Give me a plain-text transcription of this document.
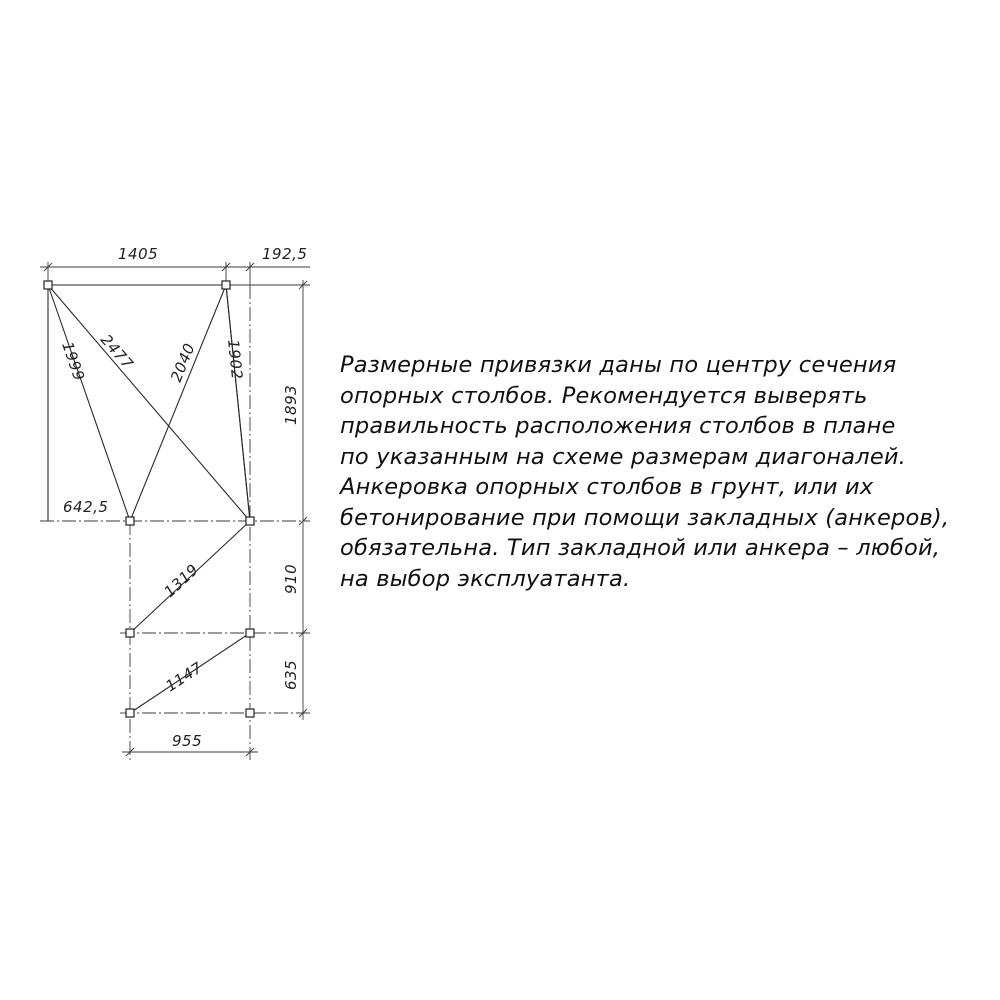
1405	192,5
1893
910
635
955
642,5
1999 2477 2040 1902
1319
1147
Размерные привязки даны по центру сечения
опорных столбов. Рекомендуется выверять
правильность расположения столбов в плане
по указанным на схеме размерам диагоналей.
Анкеровка опорных столбов в грунт, или их
бетонирование при помощи закладных (анкеров),
обязательна. Тип закладной или анкера – любой,
на выбор эксплуатанта.
